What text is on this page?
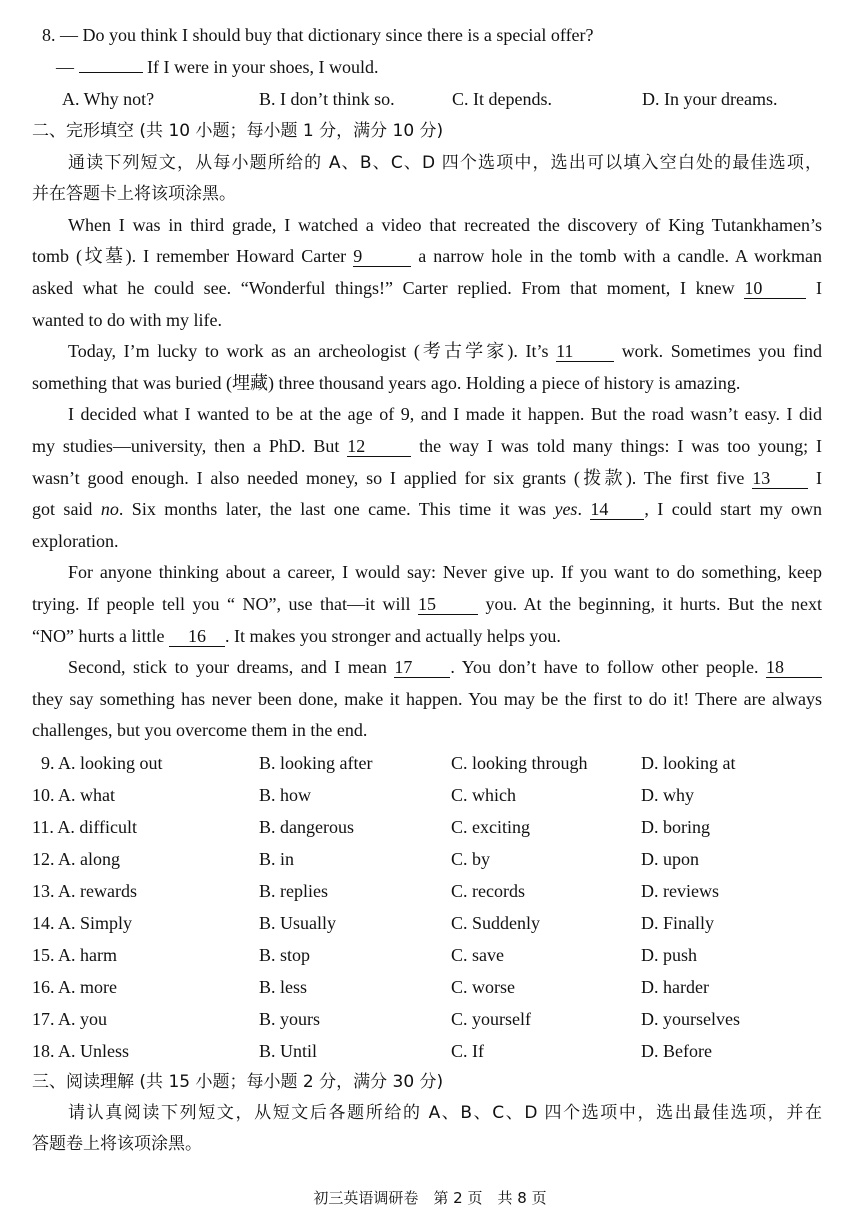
8. — Do you think I should buy that dictionary since there is a special offer?
—	If I were in your shoes, I would.
A. Why not?	B. I don’t think so.	C. It depends.	D. In your dreams.
二、完形填空 (共 10 小题；每小题 1 分，满分 10 分)
通读下列短文，从每小题所给的 A、B、C、D 四个选项中，选出可以填入空白处的最佳选项，
并在答题卡上将该项涂黑。
When I was in third grade, I watched a video that recreated the discovery of King Tutankhamen’s
tomb (坟墓). I remember Howard Carter 9	a narrow hole in the tomb with a candle. A workman
asked what he could see. “Wonderful things!” Carter replied. From that moment, I knew 10	I
wanted to do with my life.
Today, I’m lucky to work as an archeologist (考古学家). It’s 11	work. Sometimes you find
something that was buried (埋藏) three thousand years ago. Holding a piece of history is amazing.
I decided what I wanted to be at the age of 9, and I made it happen. But the road wasn’t easy. I did
my studies—university, then a PhD. But 12	the way I was told many things: I was too young; I
wasn’t good enough. I also needed money, so I applied for six grants (拨款). The first five 13	I
got said no. Six months later, the last one came. This time it was yes. 14 , I could start my own
exploration.
For anyone thinking about a career, I would say: Never give up. If you want to do something, keep
trying. If people tell you “ NO”, use that—it will 15	you. At the beginning, it hurts. But the next
“NO” hurts a little 16 . It makes you stronger and actually helps you.
Second, stick to your dreams, and I mean 17 . You don’t have to follow other people. 18
they say something has never been done, make it happen. You may be the first to do it! There are always
challenges, but you overcome them in the end.
9. A. looking out	B. looking after	C. looking through	D. looking at
10. A. what	B. how	C. which	D. why
11. A. difficult	B. dangerous	C. exciting	D. boring
12. A. along	B. in	C. by	D. upon
13. A. rewards	B. replies	C. records	D. reviews
14. A. Simply	B. Usually	C. Suddenly	D. Finally
15. A. harm	B. stop	C. save	D. push
16. A. more	B. less	C. worse	D. harder
17. A. you	B. yours	C. yourself	D. yourselves
18. A. Unless	B. Until	C. If	D. Before
三、阅读理解 (共 15 小题；每小题 2 分，满分 30 分)
请认真阅读下列短文，从短文后各题所给的 A、B、C、D 四个选项中，选出最佳选项，并在
答题卷上将该项涂黑。
初三英语调研卷　第 2 页　共 8 页
